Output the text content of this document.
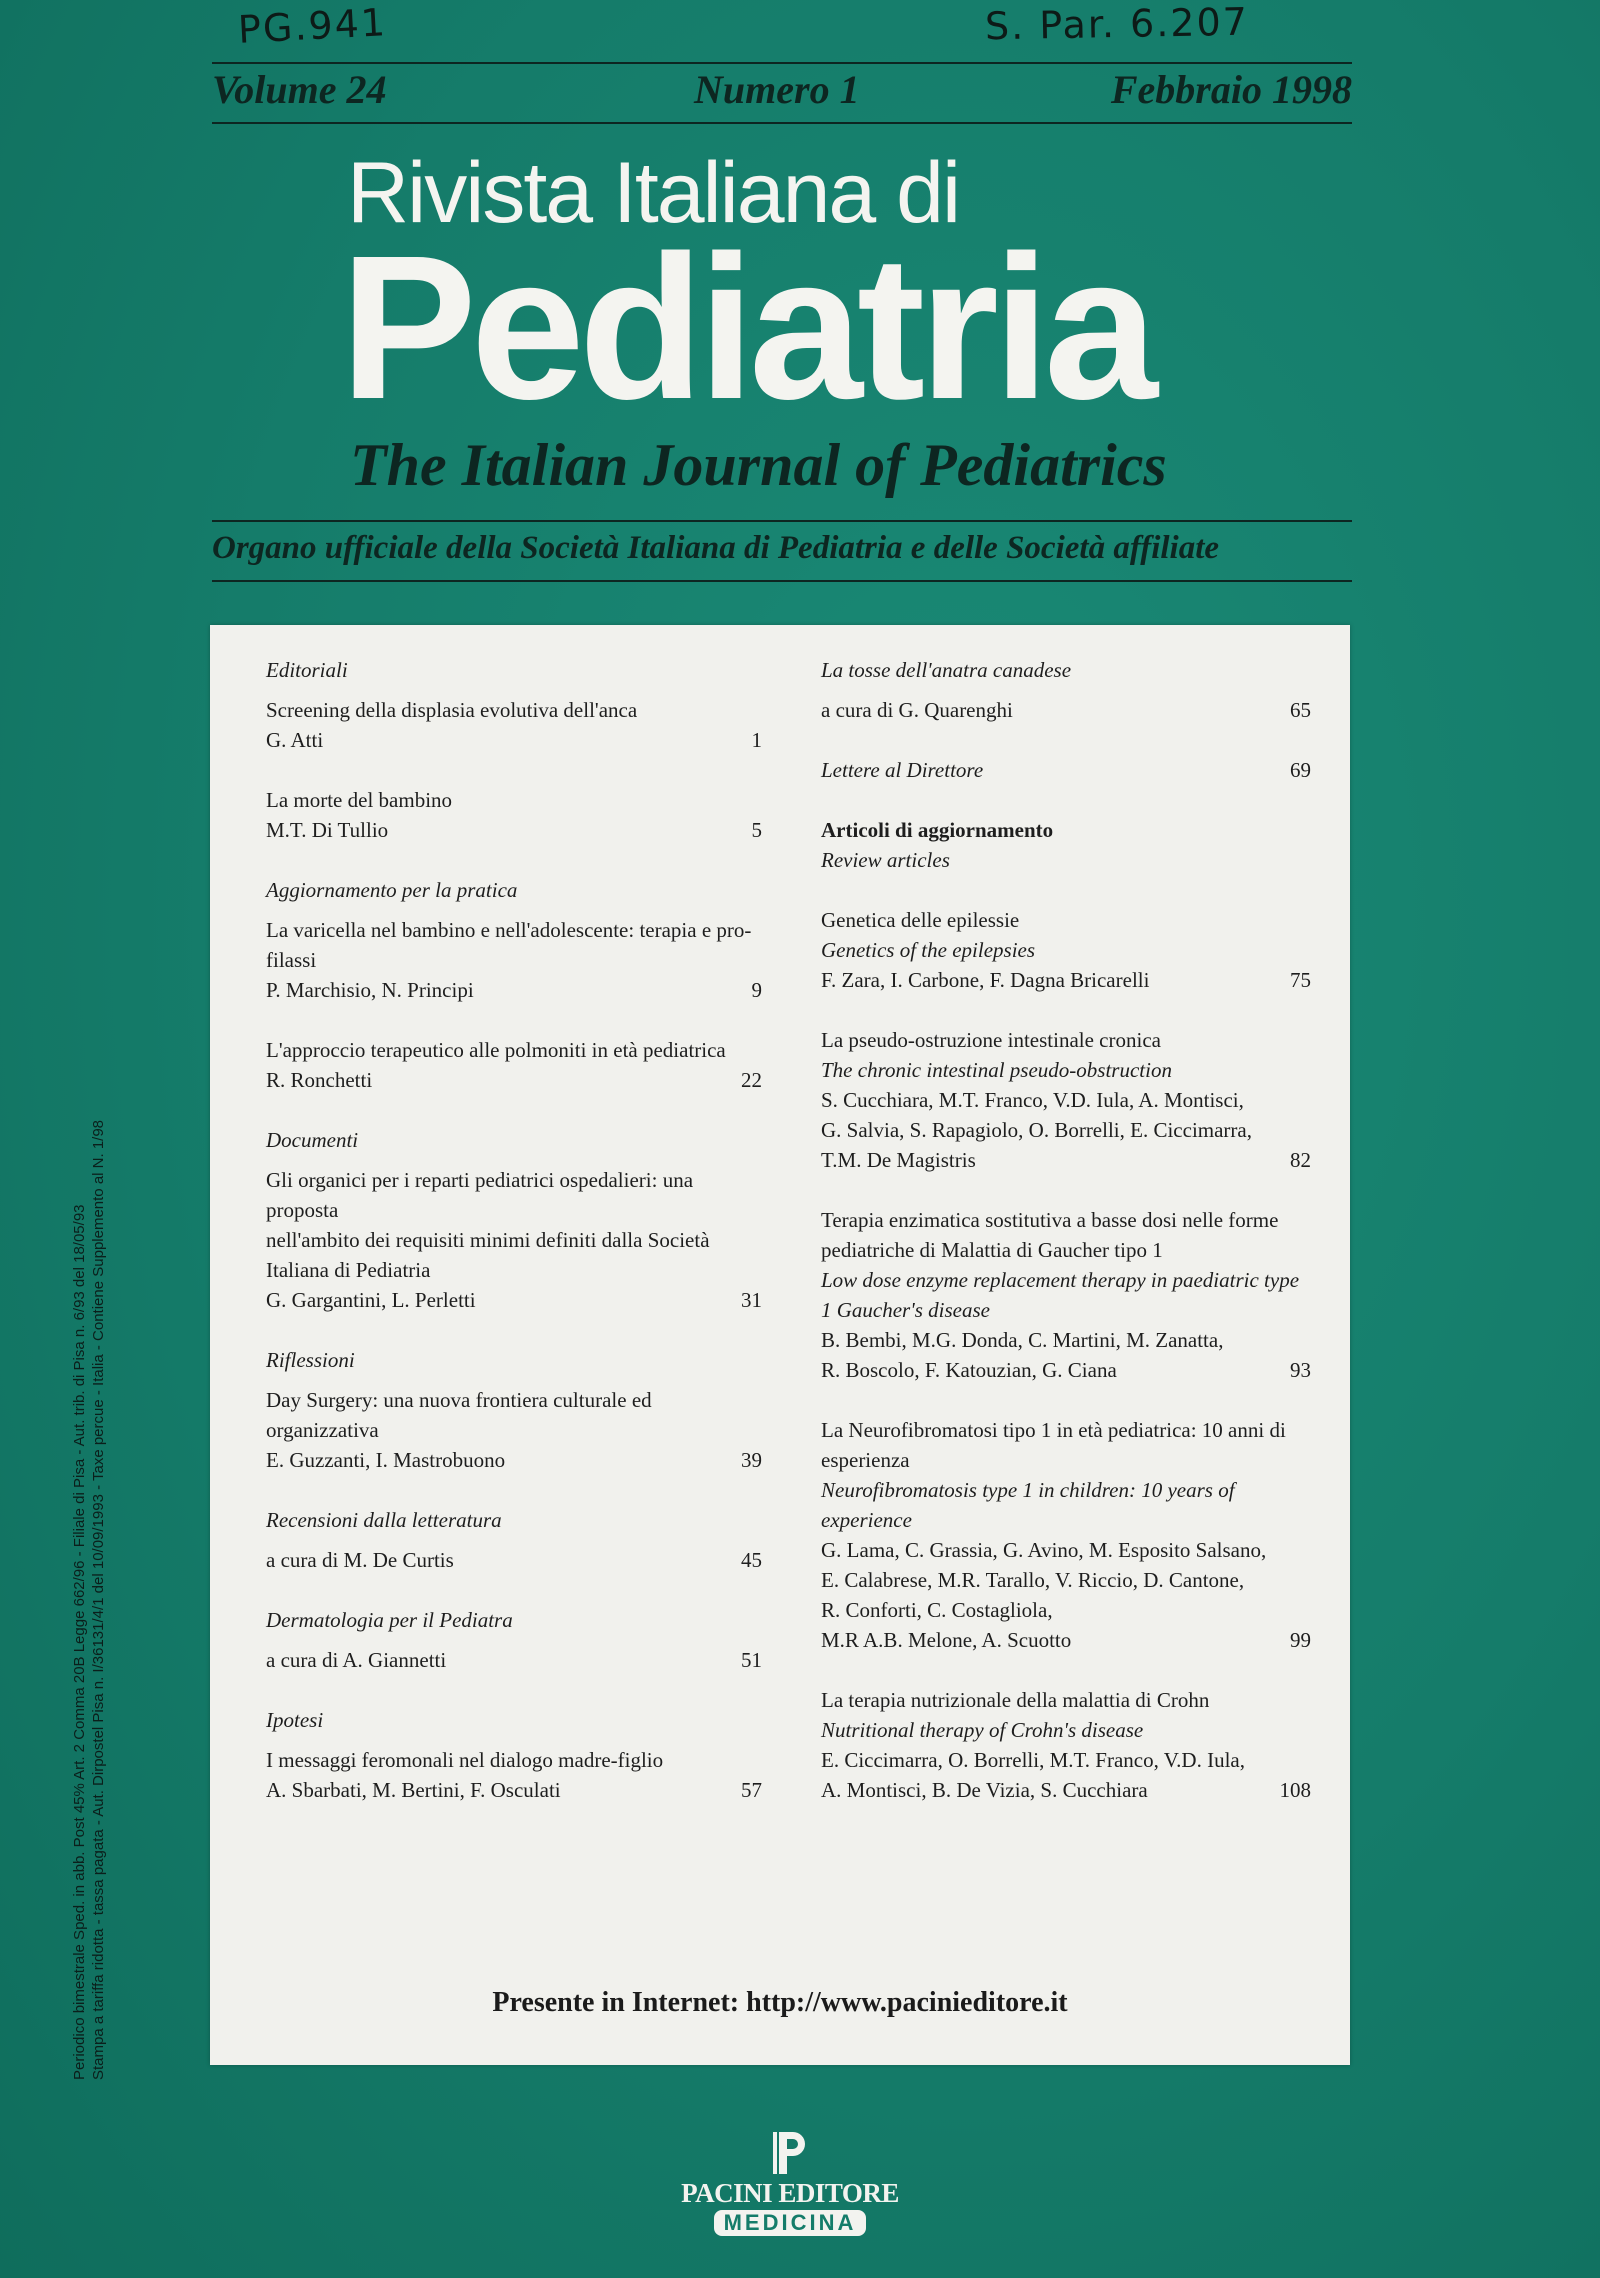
PG.941	S. Par. 6.207
Volume 24	Numero 1	Febbraio 1998
Rivista Italiana di
Pediatria
The Italian Journal of Pediatrics
Organo ufficiale della Società Italiana di Pediatria e delle Società affiliate
Editoriali
Screening della displasia evolutiva dell'anca
G. Atti	1
La morte del bambino
M.T. Di Tullio	5
Aggiornamento per la pratica
La varicella nel bambino e nell'adolescente: terapia e pro-
filassi
P. Marchisio, N. Principi	9
L'approccio terapeutico alle polmoniti in età pediatrica
R. Ronchetti	22
Documenti
Gli organici per i reparti pediatrici ospedalieri: una proposta
nell'ambito dei requisiti minimi definiti dalla Società
Italiana di Pediatria
G. Gargantini, L. Perletti	31
Riflessioni
Day Surgery: una nuova frontiera culturale ed organizzativa
E. Guzzanti, I. Mastrobuono	39
Recensioni dalla letteratura
a cura di M. De Curtis	45
Dermatologia per il Pediatra
a cura di A. Giannetti	51
Ipotesi
I messaggi feromonali nel dialogo madre-figlio
A. Sbarbati, M. Bertini, F. Osculati	57
La tosse dell'anatra canadese
a cura di G. Quarenghi	65
Lettere al Direttore	69
Articoli di aggiornamento
Review articles
Genetica delle epilessie
Genetics of the epilepsies
F. Zara, I. Carbone, F. Dagna Bricarelli	75
La pseudo-ostruzione intestinale cronica
The chronic intestinal pseudo-obstruction
S. Cucchiara, M.T. Franco, V.D. Iula, A. Montisci,
G. Salvia, S. Rapagiolo, O. Borrelli, E. Ciccimarra,
T.M. De Magistris	82
Terapia enzimatica sostitutiva a basse dosi nelle forme
pediatriche di Malattia di Gaucher tipo 1
Low dose enzyme replacement therapy in paediatric type
1 Gaucher's disease
B. Bembi, M.G. Donda, C. Martini, M. Zanatta,
R. Boscolo, F. Katouzian, G. Ciana	93
La Neurofibromatosi tipo 1 in età pediatrica: 10 anni di
esperienza
Neurofibromatosis type 1 in children: 10 years of
experience
G. Lama, C. Grassia, G. Avino, M. Esposito Salsano,
E. Calabrese, M.R. Tarallo, V. Riccio, D. Cantone,
R. Conforti, C. Costagliola,
M.R A.B. Melone, A. Scuotto	99
La terapia nutrizionale della malattia di Crohn
Nutritional therapy of Crohn's disease
E. Ciccimarra, O. Borrelli, M.T. Franco, V.D. Iula,
A. Montisci, B. De Vizia, S. Cucchiara	108
Presente in Internet: http://www.pacinieditore.it
Periodico bimestrale Sped. in abb. Post 45% Art. 2 Comma 20B Legge 662/96 - Filiale di Pisa - Aut. trib. di Pisa n. 6/93 del 18/05/93 Stampa a tariffa ridotta - tassa pagata - Aut. Dirpostel Pisa n. I/36131/4/1 del 10/09/1993 - Taxe percue - Italia - Contiene Supplemento al N. 1/98
PACINI EDITORE
MEDICINA
